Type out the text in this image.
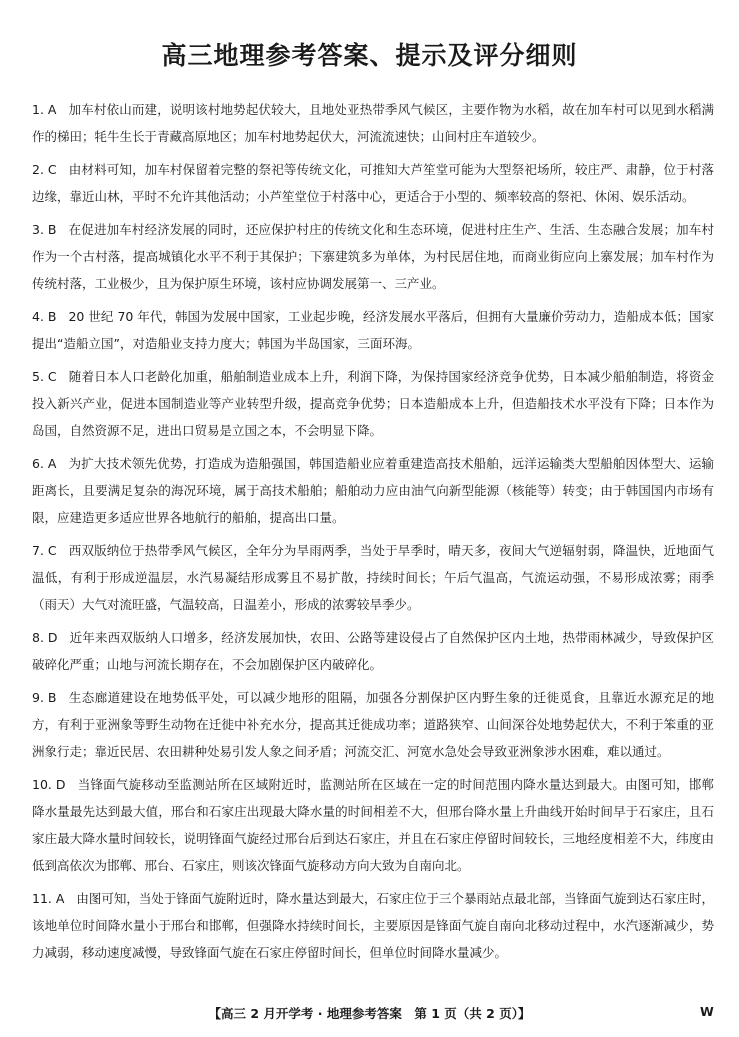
高三地理参考答案、提示及评分细则
1. A 加车村依山而建，说明该村地势起伏较大，且地处亚热带季风气候区，主要作物为水稻，故在加车村可以见到水稻满作的梯田；牦牛生长于青藏高原地区；加车村地势起伏大，河流流速快；山间村庄车道较少。
2. C 由材料可知，加车村保留着完整的祭祀等传统文化，可推知大芦笙堂可能为大型祭祀场所，较庄严、肃静，位于村落边缘，靠近山林，平时不允许其他活动；小芦笙堂位于村落中心，更适合于小型的、频率较高的祭祀、休闲、娱乐活动。
3. B 在促进加车村经济发展的同时，还应保护村庄的传统文化和生态环境，促进村庄生产、生活、生态融合发展；加车村作为一个古村落，提高城镇化水平不利于其保护；下寨建筑多为单体，为村民居住地，而商业街应向上寨发展；加车村作为传统村落，工业极少，且为保护原生环境，该村应协调发展第一、三产业。
4. B 20 世纪 70 年代，韩国为发展中国家，工业起步晚，经济发展水平落后，但拥有大量廉价劳动力，造船成本低；国家提出“造船立国”，对造船业支持力度大；韩国为半岛国家，三面环海。
5. C 随着日本人口老龄化加重，船舶制造业成本上升，利润下降，为保持国家经济竞争优势，日本减少船舶制造，将资金投入新兴产业，促进本国制造业等产业转型升级，提高竞争优势；日本造船成本上升，但造船技术水平没有下降；日本作为岛国，自然资源不足，进出口贸易是立国之本，不会明显下降。
6. A 为扩大技术领先优势，打造成为造船强国，韩国造船业应着重建造高技术船舶，远洋运输类大型船舶因体型大、运输距离长，且要满足复杂的海况环境，属于高技术船舶；船舶动力应由油气向新型能源（核能等）转变；由于韩国国内市场有限，应建造更多适应世界各地航行的船舶，提高出口量。
7. C 西双版纳位于热带季风气候区，全年分为旱雨两季，当处于旱季时，晴天多，夜间大气逆辐射弱，降温快，近地面气温低，有利于形成逆温层，水汽易凝结形成雾且不易扩散，持续时间长；午后气温高，气流运动强，不易形成浓雾；雨季（雨天）大气对流旺盛，气温较高，日温差小，形成的浓雾较旱季少。
8. D 近年来西双版纳人口增多，经济发展加快，农田、公路等建设侵占了自然保护区内土地，热带雨林减少，导致保护区破碎化严重；山地与河流长期存在，不会加剧保护区内破碎化。
9. B 生态廊道建设在地势低平处，可以减少地形的阻隔，加强各分割保护区内野生象的迁徙觅食，且靠近水源充足的地方，有利于亚洲象等野生动物在迁徙中补充水分，提高其迁徙成功率；道路狭窄、山间深谷处地势起伏大，不利于笨重的亚洲象行走；靠近民居、农田耕种处易引发人象之间矛盾；河流交汇、河宽水急处会导致亚洲象涉水困难，难以通过。
10. D 当锋面气旋移动至监测站所在区域附近时，监测站所在区域在一定的时间范围内降水量达到最大。由图可知，邯郸降水量最先达到最大值，邢台和石家庄出现最大降水量的时间相差不大，但邢台降水量上升曲线开始时间早于石家庄，且石家庄最大降水量时间较长，说明锋面气旋经过邢台后到达石家庄，并且在石家庄停留时间较长，三地经度相差不大，纬度由低到高依次为邯郸、邢台、石家庄，则该次锋面气旋移动方向大致为自南向北。
11. A 由图可知，当处于锋面气旋附近时，降水量达到最大，石家庄位于三个暴雨站点最北部，当锋面气旋到达石家庄时，该地单位时间降水量小于邢台和邯郸，但强降水持续时间长，主要原因是锋面气旋自南向北移动过程中，水汽逐渐减少，势力减弱，移动速度减慢，导致锋面气旋在石家庄停留时间长，但单位时间降水量减少。
【高三 2 月开学考 · 地理参考答案　第 1 页（共 2 页）】	W
